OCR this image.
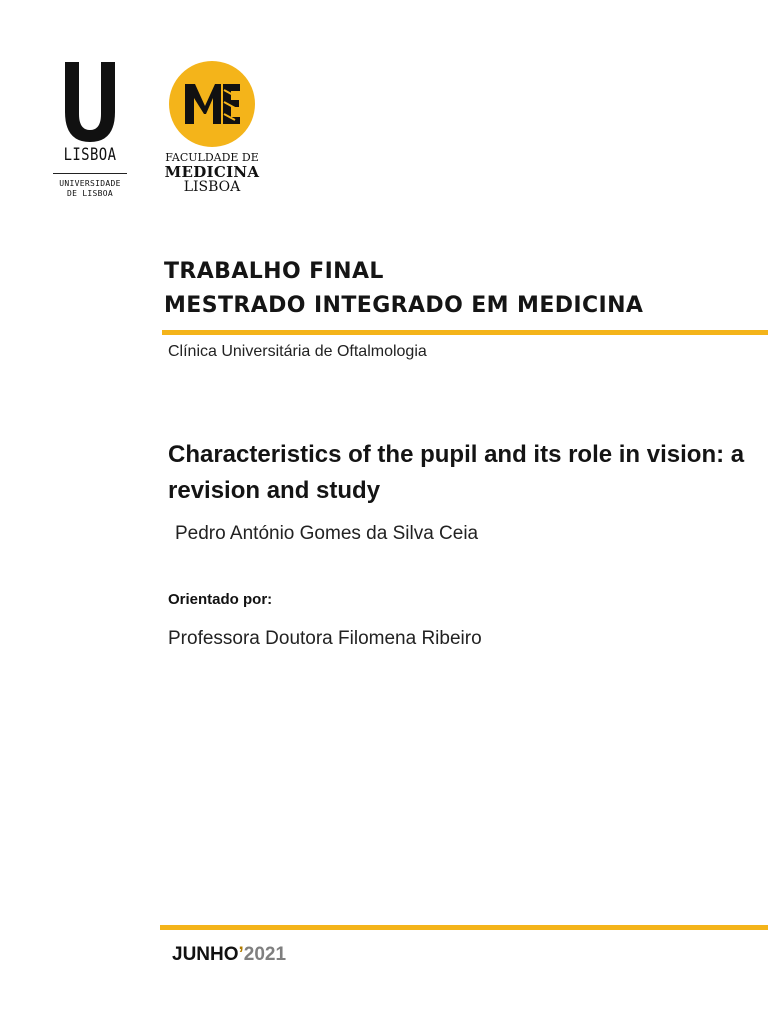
LISBOA
UNIVERSIDADE
DE LISBOA
FACULDADE DE
MEDICINA
LISBOA
TRABALHO FINAL
MESTRADO INTEGRADO EM MEDICINA
Clínica Universitária de Oftalmologia
Characteristics of the pupil and its role in vision: a revision and study
Pedro António Gomes da Silva Ceia
Orientado por:
Professora Doutora Filomena Ribeiro
JUNHO’2021
